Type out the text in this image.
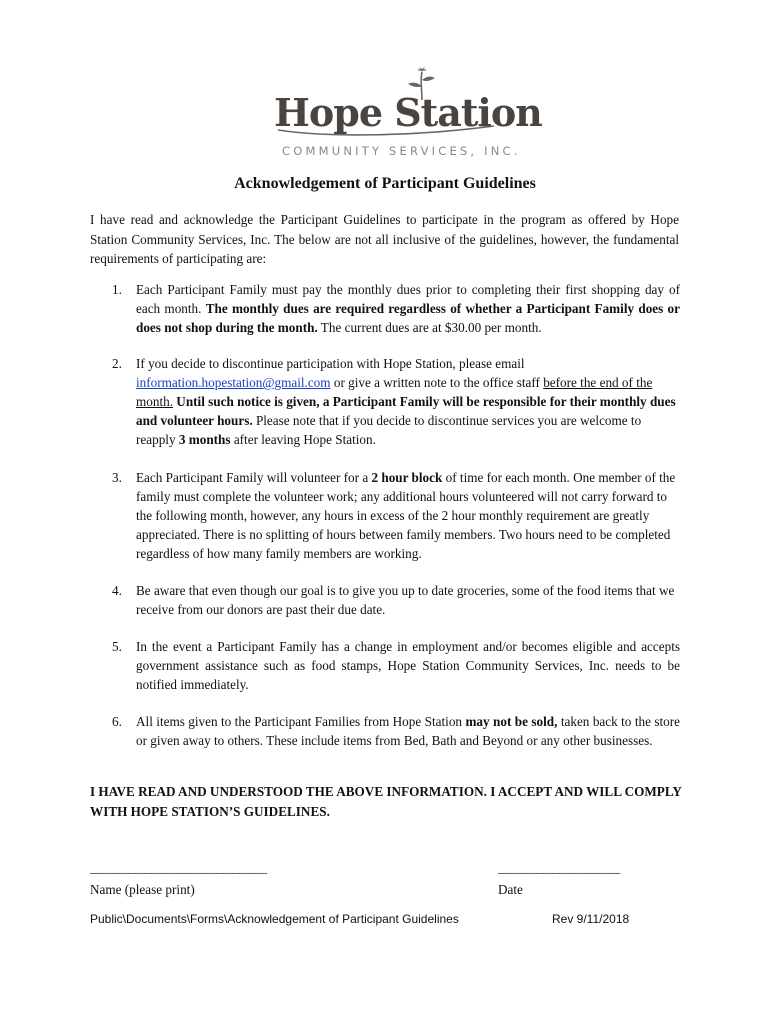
Hope Station
COMMUNITY SERVICES, INC.
Acknowledgement of Participant Guidelines
I have read and acknowledge the Participant Guidelines to participate in the program as offered by Hope Station Community Services, Inc. The below are not all inclusive of the guidelines, however, the fundamental requirements of participating are:
1. Each Participant Family must pay the monthly dues prior to completing their first shopping day of each month. The monthly dues are required regardless of whether a Participant Family does or does not shop during the month. The current dues are at $30.00 per month.
2. If you decide to discontinue participation with Hope Station, please email information.hopestation@gmail.com or give a written note to the office staff before the end of the month. Until such notice is given, a Participant Family will be responsible for their monthly dues and volunteer hours. Please note that if you decide to discontinue services you are welcome to reapply 3 months after leaving Hope Station.
3. Each Participant Family will volunteer for a 2 hour block of time for each month. One member of the family must complete the volunteer work; any additional hours volunteered will not carry forward to the following month, however, any hours in excess of the 2 hour monthly requirement are greatly appreciated. There is no splitting of hours between family members. Two hours need to be completed regardless of how many family members are working.
4. Be aware that even though our goal is to give you up to date groceries, some of the food items that we receive from our donors are past their due date.
5. In the event a Participant Family has a change in employment and/or becomes eligible and accepts government assistance such as food stamps, Hope Station Community Services, Inc. needs to be notified immediately.
6. All items given to the Participant Families from Hope Station may not be sold, taken back to the store or given away to others. These include items from Bed, Bath and Beyond or any other businesses.
I HAVE READ AND UNDERSTOOD THE ABOVE INFORMATION. I ACCEPT AND WILL COMPLY WITH HOPE STATION’S GUIDELINES.
________________________________
Name (please print)
______________________
Date
Public\Documents\Forms\Acknowledgement of Participant Guidelines	Rev 9/11/2018
